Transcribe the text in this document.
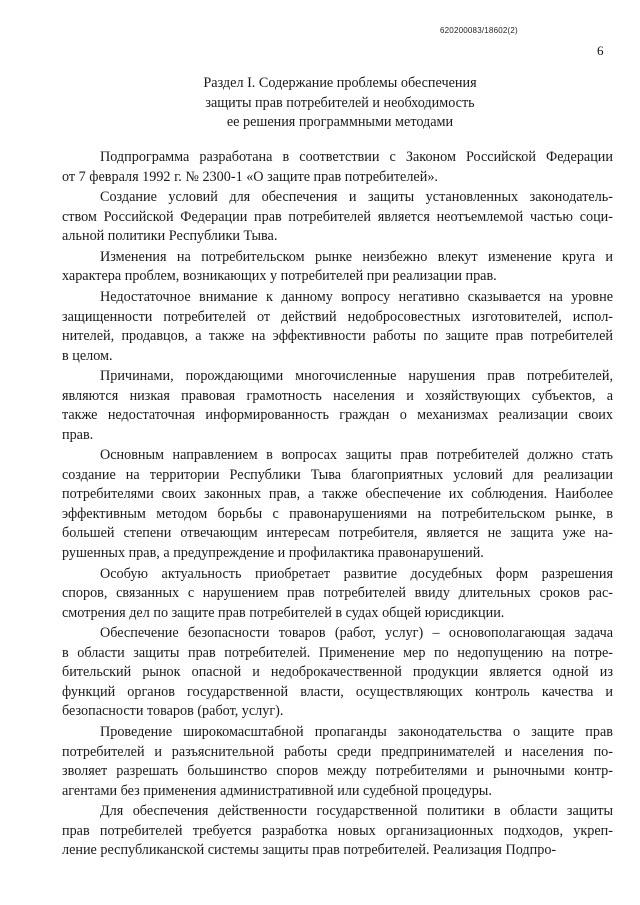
620200083/18602(2)
6
Раздел I. Содержание проблемы обеспечения
защиты прав потребителей и необходимость
ее решения программными методами
Подпрограмма разработана в соответствии с Законом Российской Федерации
от 7 февраля 1992 г. № 2300-1 «О защите прав потребителей».
Создание условий для обеспечения и защиты установленных законодатель-
ством Российской Федерации прав потребителей является неотъемлемой частью соци-
альной политики Республики Тыва.
Изменения на потребительском рынке неизбежно влекут изменение круга и
характера проблем, возникающих у потребителей при реализации прав.
Недостаточное внимание к данному вопросу негативно сказывается на уровне
защищенности потребителей от действий недобросовестных изготовителей, испол-
нителей, продавцов, а также на эффективности работы по защите прав потребителей
в целом.
Причинами, порождающими многочисленные нарушения прав потребителей,
являются низкая правовая грамотность населения и хозяйствующих субъектов, а
также недостаточная информированность граждан о механизмах реализации своих
прав.
Основным направлением в вопросах защиты прав потребителей должно стать
создание на территории Республики Тыва благоприятных условий для реализации
потребителями своих законных прав, а также обеспечение их соблюдения. Наиболее
эффективным методом борьбы с правонарушениями на потребительском рынке, в
большей степени отвечающим интересам потребителя, является не защита уже на-
рушенных прав, а предупреждение и профилактика правонарушений.
Особую актуальность приобретает развитие досудебных форм разрешения
споров, связанных с нарушением прав потребителей ввиду длительных сроков рас-
смотрения дел по защите прав потребителей в судах общей юрисдикции.
Обеспечение безопасности товаров (работ, услуг) – основополагающая задача
в области защиты прав потребителей. Применение мер по недопущению на потре-
бительский рынок опасной и недоброкачественной продукции является одной из
функций органов государственной власти, осуществляющих контроль качества и
безопасности товаров (работ, услуг).
Проведение широкомасштабной пропаганды законодательства о защите прав
потребителей и разъяснительной работы среди предпринимателей и населения по-
зволяет разрешать большинство споров между потребителями и рыночными контр-
агентами без применения административной или судебной процедуры.
Для обеспечения действенности государственной политики в области защиты
прав потребителей требуется разработка новых организационных подходов, укреп-
ление республиканской системы защиты прав потребителей. Реализация Подпро-
